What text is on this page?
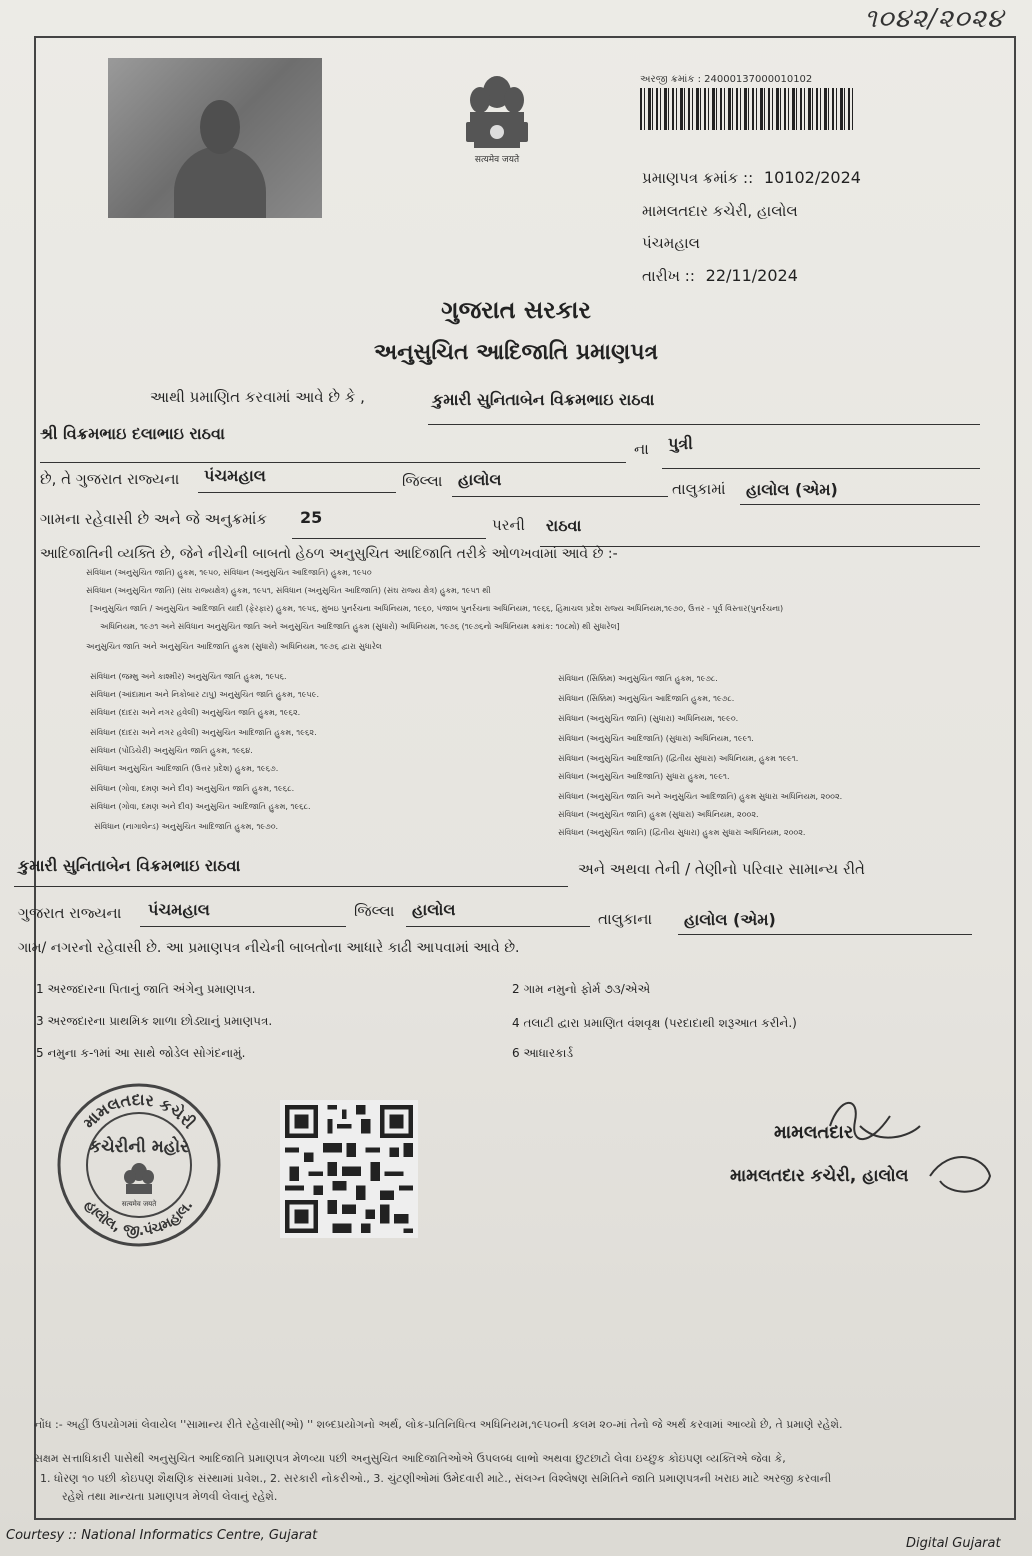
૧૦૪૨/૨૦૨૪
सत्यमेव जयते
અરજી ક્રમાંક : 24000137000010102
પ્રમાણપત્ર ક્રમાંક :: 10102/2024
મામલતદાર કચેરી, હાલોલ
પંચમહાલ
તારીખ :: 22/11/2024
ગુજરાત સરકાર
અનુસુચિત આદિજાતિ પ્રમાણપત્ર
આથી પ્રમાણિત કરવામાં આવે છે કે ,	કુમારી સુનિતાબેન વિક્રમભાઇ રાઠવા
શ્રી વિક્રમભાઇ દલાભાઇ રાઠવા
ના પુત્રી
છે, તે ગુજરાત રાજ્યના પંચમહાલ	જિલ્લા હાલોલ	તાલુકામાં હાલોલ (એમ)
ગામના રહેવાસી છે અને જે અનુક્રમાંક 25	પરની રાઠવા
આદિજાતિની વ્યક્તિ છે, જેને નીચેની બાબતો હેઠળ અનુસુચિત આદિજાતિ તરીકે ઓળખવામાં આવે છે :-
સંવિધાન (અનુસુચિત જાતિ) હુકમ, ૧૯૫૦, સંવિધાન (અનુસુચિત આદિજાતિ) હુકમ, ૧૯૫૦
સંવિધાન (અનુસુચિત જાતિ) (સંઘ રાજ્યક્ષેત્ર) હુકમ, ૧૯૫૧, સંવિધાન (અનુસુચિત આદિજાતિ) (સંઘ રાજ્ય ક્ષેત્ર) હુકમ, ૧૯૫૧ થી
[અનુસુચિત જાતિ / અનુસુચિત આદિજાતિ યાદી (ફેરફાર) હુકમ, ૧૯૫૬, મુંબઇ પુનર્રચના અધિનિયમ, ૧૯૬૦, પંજાબ પુનર્રચના અધિનિયમ, ૧૯૬૬, હિમાચલ પ્રદેશ રાજ્ય અધિનિયમ,૧૯૭૦, ઉત્તર - પૂર્વ વિસ્તાર(પુનર્રચના)
અધિનિયમ, ૧૯૭૧ અને સંવિધાન અનુસુચિત જાતિ અને અનુસુચિત આદિજાતિ હુકમ (સુધારો) અધિનિયમ, ૧૯૭૬ (૧૯૭૬નો અધિનિયમ ક્રમાંક: ૧૦૮મો) થી સુધારેલ]
અનુસુચિત જાતિ અને અનુસુચિત આદિજાતિ હુકમ (સુધારો) અધિનિયમ, ૧૯૭૬ દ્વારા સુધારેલ
સંવિધાન (જમ્મુ અને કાશ્મીર) અનુસુચિત જાતિ હુકમ, ૧૯૫૬.
સંવિધાન (આંદામાન અને નિકોબાર ટાપુ) અનુસુચિત જાતિ હુકમ, ૧૯૫૯.
સંવિધાન (દાદરા અને નગર હવેલી) અનુસુચિત જાતિ હુકમ, ૧૯૬૨.
સંવિધાન (દાદરા અને નગર હવેલી) અનુસુચિત આદિજાતિ હુકમ, ૧૯૬૨.
સંવિધાન (પોંડિચેરી) અનુસુચિત જાતિ હુકમ, ૧૯૬૪.
સંવિધાન અનુસુચિત આદિજાતિ (ઉત્તર પ્રદેશ) હુકમ, ૧૯૬૭.
સંવિધાન (ગોવા, દમણ અને દીવ) અનુસુચિત જાતિ હુકમ, ૧૯૬૮.
સંવિધાન (ગોવા, દમણ અને દીવ) અનુસુચિત આદિજાતિ હુકમ, ૧૯૬૮.
સંવિધાન (નાગાલેન્ડ) અનુસુચિત આદિજાતિ હુકમ, ૧૯૭૦.
સંવિધાન (સિક્કિમ) અનુસુચિત જાતિ હુકમ, ૧૯૭૮.
સંવિધાન (સિક્કિમ) અનુસુચિત આદિજાતિ હુકમ, ૧૯૭૮.
સંવિધાન (અનુસુચિત જાતિ) (સુધારા) અધિનિયમ, ૧૯૯૦.
સંવિધાન (અનુસુચિત આદિજાતિ) (સુધારા) અધિનિયમ, ૧૯૯૧.
સંવિધાન (અનુસુચિત આદિજાતિ) (દ્વિતીય સુધારા) અધિનિયમ, હુકમ ૧૯૯૧.
સંવિધાન (અનુસુચિત આદિજાતિ) સુધારા હુકમ, ૧૯૯૧.
સંવિધાન (અનુસુચિત જાતિ અને અનુસુચિત આદિજાતિ) હુકમ સુધારા અધિનિયમ, ૨૦૦૨.
સંવિધાન (અનુસુચિત જાતિ) હુકમ (સુધારા) અધિનિયમ, ૨૦૦૨.
સંવિધાન (અનુસુચિત જાતિ) (દ્વિતીય સુધારા) હુકમ સુધારા અધિનિયમ, ૨૦૦૨.
કુમારી સુનિતાબેન વિક્રમભાઇ રાઠવા	અને અથવા તેની / તેણીનો પરિવાર સામાન્ય રીતે
ગુજરાત રાજ્યના પંચમહાલ	જિલ્લા હાલોલ	તાલુકાના હાલોલ (એમ)
ગામ/ નગરનો રહેવાસી છે. આ પ્રમાણપત્ર નીચેની બાબતોના આધારે કાઢી આપવામાં આવે છે.
1 અરજદારના પિતાનું જાતિ અંગેનુ પ્રમાણપત્ર.	2 ગામ નમુનો ફોર્મ ૭૩/એએ
3 અરજદારના પ્રાથમિક શાળા છોડ્યાનું પ્રમાણપત્ર.	4 તલાટી દ્વારા પ્રમાણિત વંશવૃક્ષ (પરદાદાથી શરૂઆત કરીને.)
5 નમુના ક-૧માં આ સાથે જોડેલ સોગંદનામું.	6 આધારકાર્ડ
મામલતદાર કચેરી
હાલોલ, જી.પંચમહાલ.
કચેરીની મહોર
सत्यमेव जयते
મામલતદાર
મામલતદાર કચેરી, હાલોલ
નોંધ :- અહીં ઉપયોગમાં લેવાયેલ ''સામાન્ય રીતે રહેવાસી(ઓ) '' શબ્દપ્રયોગનો અર્થ, લોક-પ્રતિનિધિત્વ અધિનિયમ,૧૯૫૦ની કલમ ૨૦-માં તેનો જે અર્થ કરવામાં આવ્યો છે, તે પ્રમાણે રહેશે.
સક્ષમ સત્તાધિકારી પાસેથી અનુસુચિત આદિજાતિ પ્રમાણપત્ર મેળવ્યા પછી અનુસુચિત આદિજાતિઓએ ઉપલબ્ધ લાભો અથવા છુટછાટો લેવા ઇચ્છુક કોઇપણ વ્યક્તિએ જેવા કે,
1. ધોરણ ૧૦ પછી કોઇપણ શૈક્ષણિક સંસ્થામાં પ્રવેશ., 2. સરકારી નોકરીઓ., 3. ચુંટણીઓમાં ઉમેદવારી માટે., સંલગ્ન વિશ્લેષણ સમિતિને જાતિ પ્રમાણપત્રની ખરાઇ માટે અરજી કરવાની
રહેશે તથા માન્યતા પ્રમાણપત્ર મેળવી લેવાનું રહેશે.
Courtesy :: National Informatics Centre, Gujarat
Digital Gujarat
